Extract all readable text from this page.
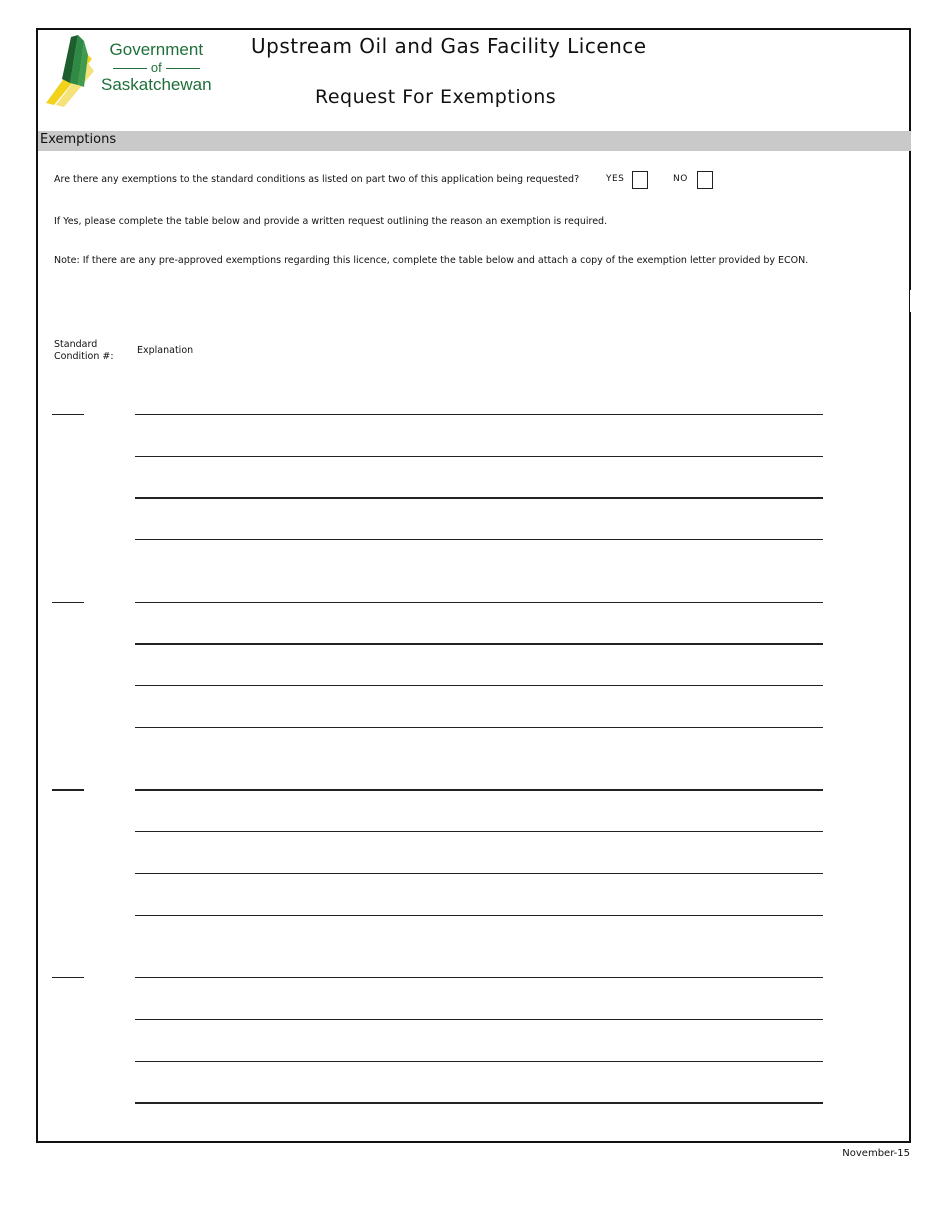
Government
of
Saskatchewan
Upstream Oil and Gas Facility Licence
Request For Exemptions
Exemptions
Are there any exemptions to the standard conditions as listed on part two of this application being requested?	YES	NO
If Yes, please complete the table below and provide a written request outlining the reason an exemption is required.
Note: If there are any pre-approved exemptions regarding this licence, complete the table below and attach a copy of the exemption letter provided by ECON.
Standard
Condition #:
Explanation
November-15
